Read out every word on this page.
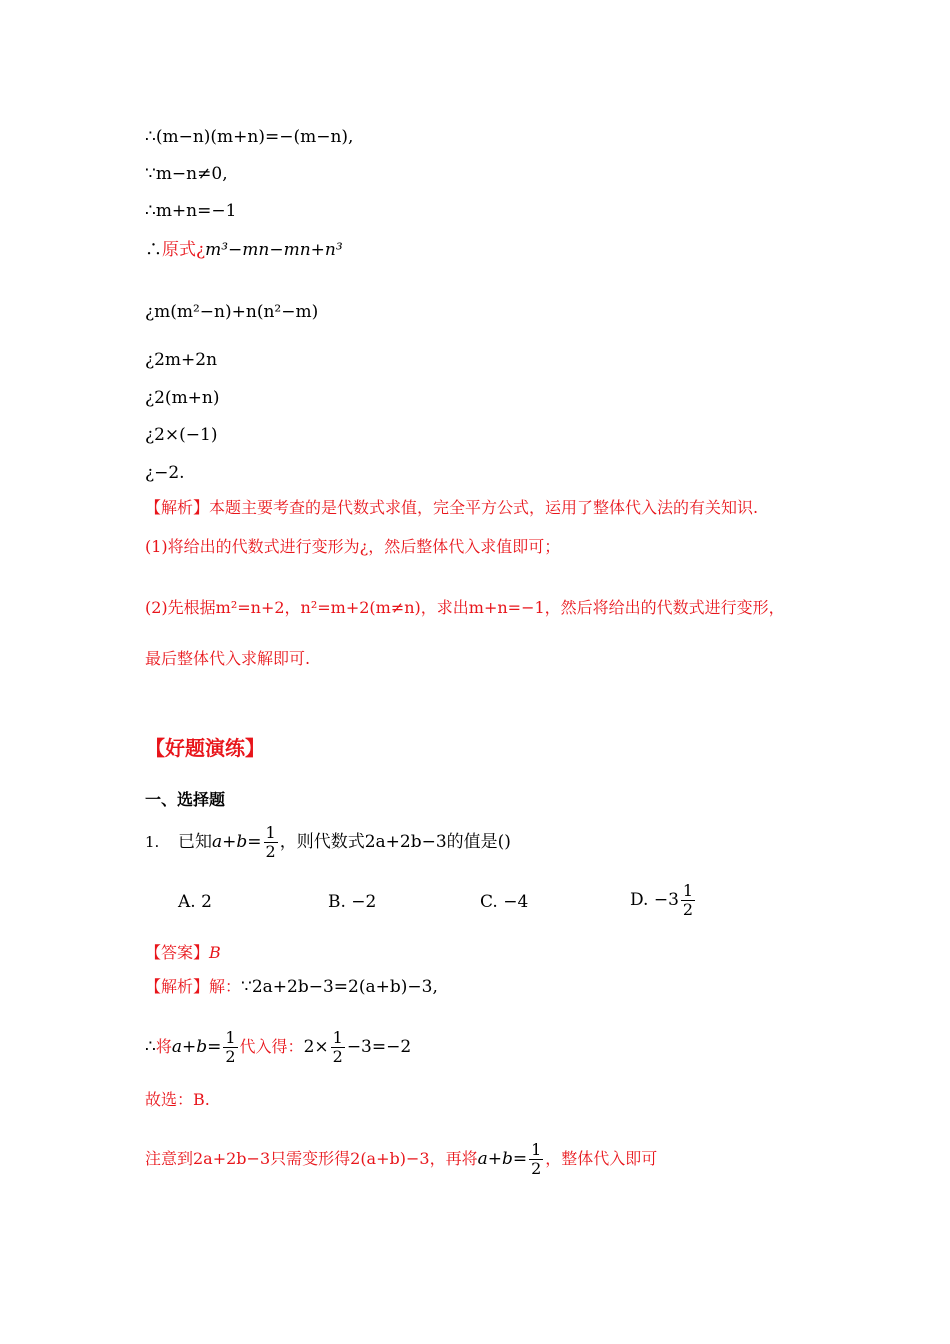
∴(m−n)(m+n)=−(m−n),
∵m−n≠0,
∴m+n=−1
∴原式¿m³−mn−mn+n³
¿m(m²−n)+n(n²−m)
¿2m+2n
¿2(m+n)
¿2×(−1)
¿−2.
【解析】本题主要考查的是代数式求值，完全平方公式，运用了整体代入法的有关知识.
(1)将给出的代数式进行变形为¿，然后整体代入求值即可；
(2)先根据m²=n+2，n²=m+2(m≠n)，求出m+n=−1，然后将给出的代数式进行变形，
最后整体代入求解即可.
【好题演练】
一、选择题
1. 已知$a+b= \frac{1}{2}$ ，则代数式2a+2b−3的值是()
A. 2	B. −2	C. −4	D. $-3 \frac{1}{2}$
【答案】B
【解析】解：∵2a+2b−3=2(a+b)−3,
∴将$a+b= \frac{1}{2}$ 代入得：$2\times \frac{1}{2} -3=-2$
故选：B.
注意到2a+2b−3只需变形得2(a+b)−3，再将$a+b= \frac{1}{2}$ ，整体代入即可
